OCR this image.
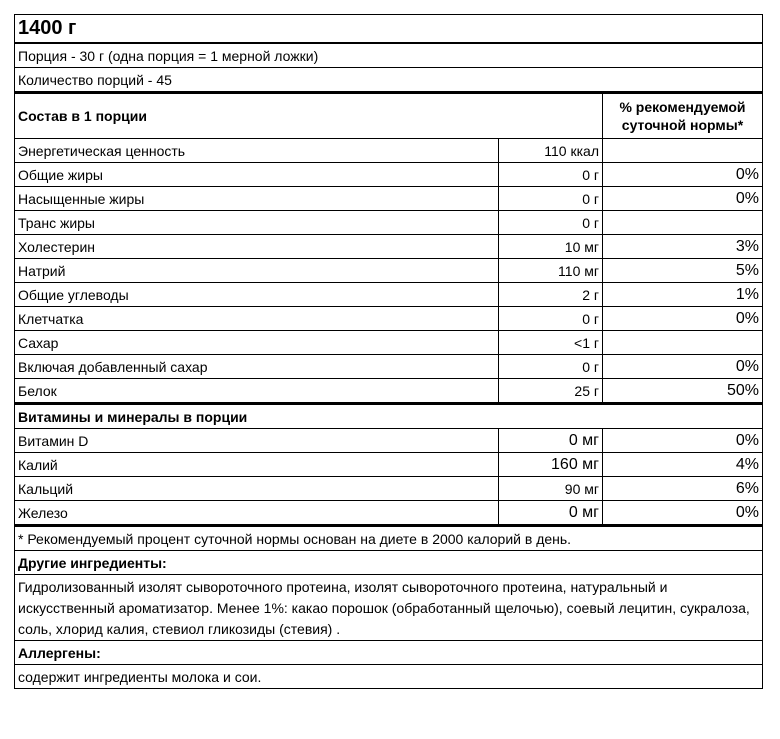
1400 г		
Порция - 30 г (одна порция = 1 мерной ложки)		
Количество порций - 45		
Состав в 1 порции		% рекомендуемой суточной нормы*
Энергетическая ценность	110 ккал	
Общие жиры	0 г	0%
Насыщенные жиры	0 г	0%
Транс жиры	0 г	
Холестерин	10 мг	3%
Натрий	110 мг	5%
Общие углеводы	2 г	1%
Клетчатка	0 г	0%
Сахар	<1 г	
Включая добавленный сахар	0 г	0%
Белок	25 г	50%
Витамины и минералы в порции		
Витамин D	0 мг	0%
Калий	160 мг	4%
Кальций	90 мг	6%
Железо	0 мг	0%
* Рекомендуемый процент суточной нормы основан на диете в 2000 калорий в день.		
Другие ингредиенты:		
Гидролизованный изолят сывороточного протеина, изолят сывороточного протеина, натуральный и искусственный ароматизатор. Менее 1%: какао порошок (обработанный щелочью), соевый лецитин, сукралоза, соль, хлорид калия, стевиол гликозиды (стевия) .		
Аллергены:		
содержит ингредиенты молока и сои.		
